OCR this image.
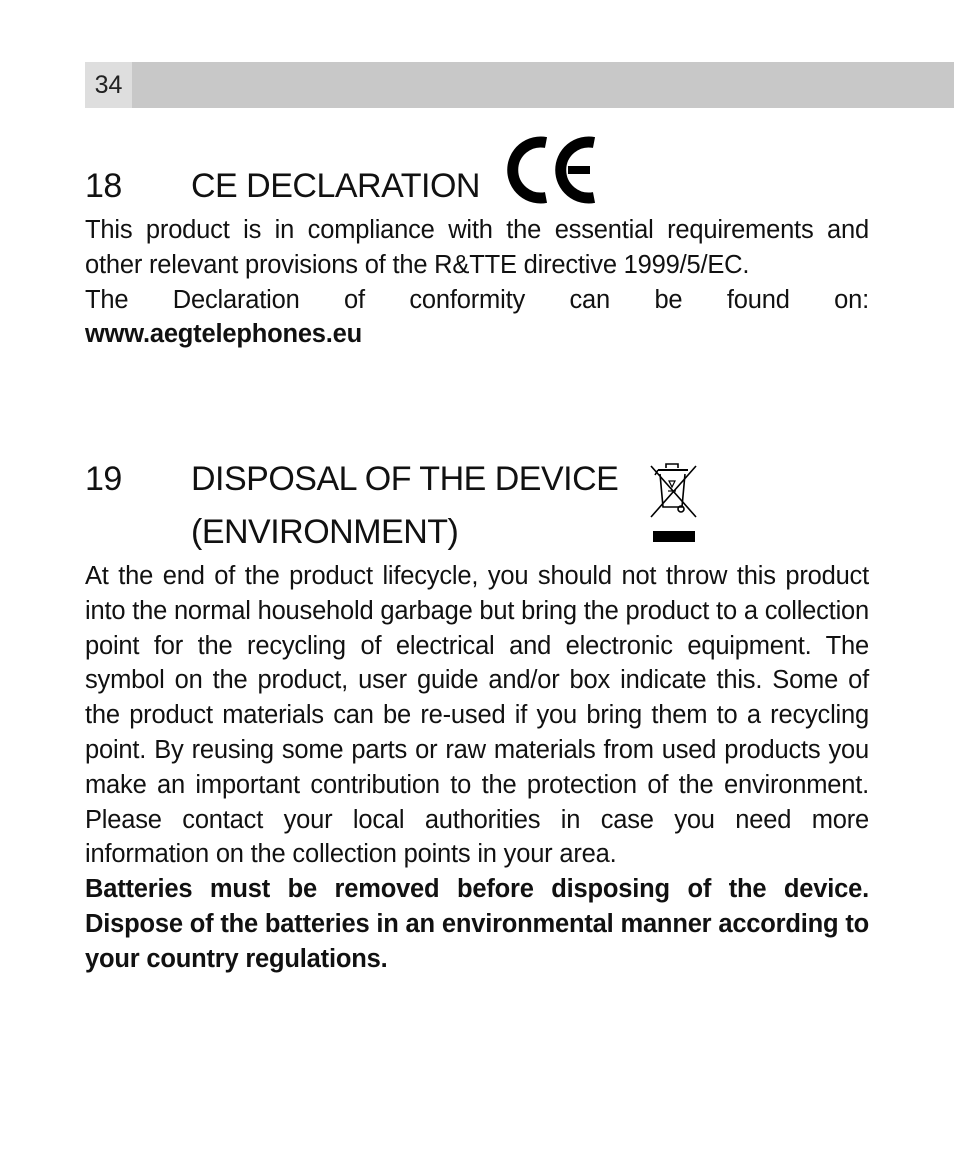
34
18 CE DECLARATION

This product is in compliance with the essential requirements and other relevant provisions of the R&TTE directive 1999/5/EC.

The Declaration of conformity can be found on: www.aegtelephones.eu

19 DISPOSAL OF THE DEVICE
(ENVIRONMENT)

At the end of the product lifecycle, you should not throw this product into the normal household garbage but bring the product to a collection point for the recycling of electrical and electronic equipment. The symbol on the product, user guide and/or box indicate this. Some of the product materials can be re-used if you bring them to a recycling point. By reusing some parts or raw materials from used products you make an important contribution to the protection of the environment. Please contact your local authorities in case you need more information on the collection points in your area.

Batteries must be removed before disposing of the device. Dispose of the batteries in an environmental manner according to your country regulations.
